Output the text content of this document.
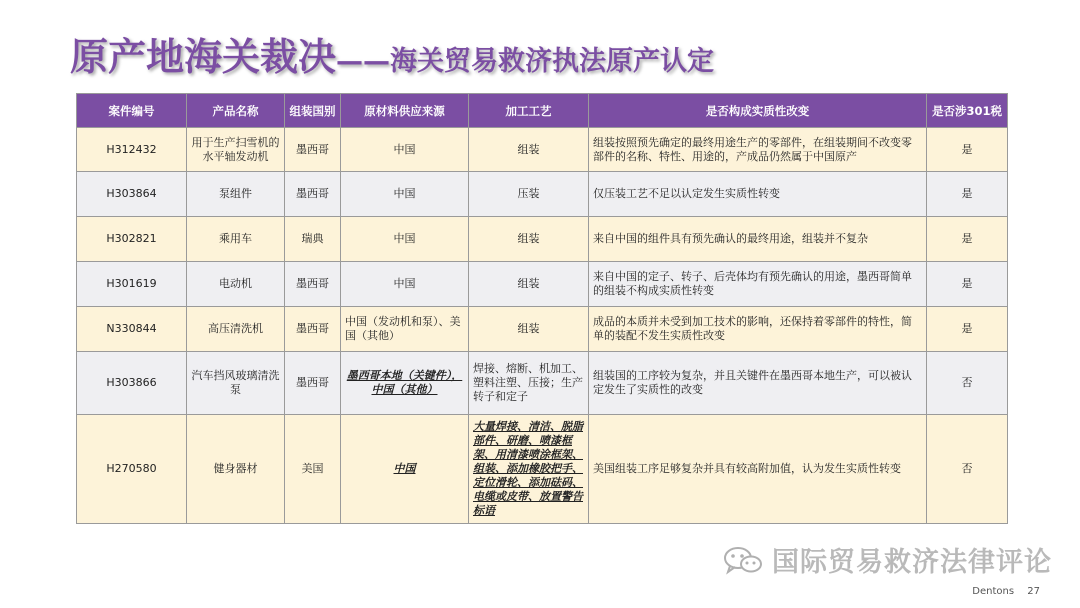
原产地海关裁决 ——海关贸易救济执法原产认定
案件编号	产品名称	组装国别	原材料供应来源	加工工艺	是否构成实质性改变	是否涉301税
H312432	用于生产扫雪机的水平轴发动机	墨西哥	中国	组装	组装按照预先确定的最终用途生产的零部件，在组装期间不改变零部件的名称、特性、用途的，产成品仍然属于中国原产	是
H303864	泵组件	墨西哥	中国	压装	仅压装工艺不足以认定发生实质性转变	是
H302821	乘用车	瑞典	中国	组装	来自中国的组件具有预先确认的最终用途，组装并不复杂	是
H301619	电动机	墨西哥	中国	组装	来自中国的定子、转子、后壳体均有预先确认的用途，墨西哥简单的组装不构成实质性转变	是
N330844	高压清洗机	墨西哥	中国（发动机和泵）、美国（其他）	组装	成品的本质并未受到加工技术的影响，还保持着零部件的特性，简单的装配不发生实质性改变	是
H303866	汽车挡风玻璃清洗泵	墨西哥	墨西哥本地（关键件），中国（其他）	焊接、熔断、机加工、塑料注塑、压接；生产转子和定子	组装国的工序较为复杂，并且关键件在墨西哥本地生产，可以被认定发生了实质性的改变	否
H270580	健身器材	美国	中国	大量焊接、清洁、脱脂部件、研磨、喷漆框架、用清漆喷涂框架、组装、添加橡胶把手、定位滑轮、添加砝码、电缆或皮带、放置警告标语	美国组装工序足够复杂并具有较高附加值，认为发生实质性转变	否
国际贸易救济法律评论
Dentons 27
